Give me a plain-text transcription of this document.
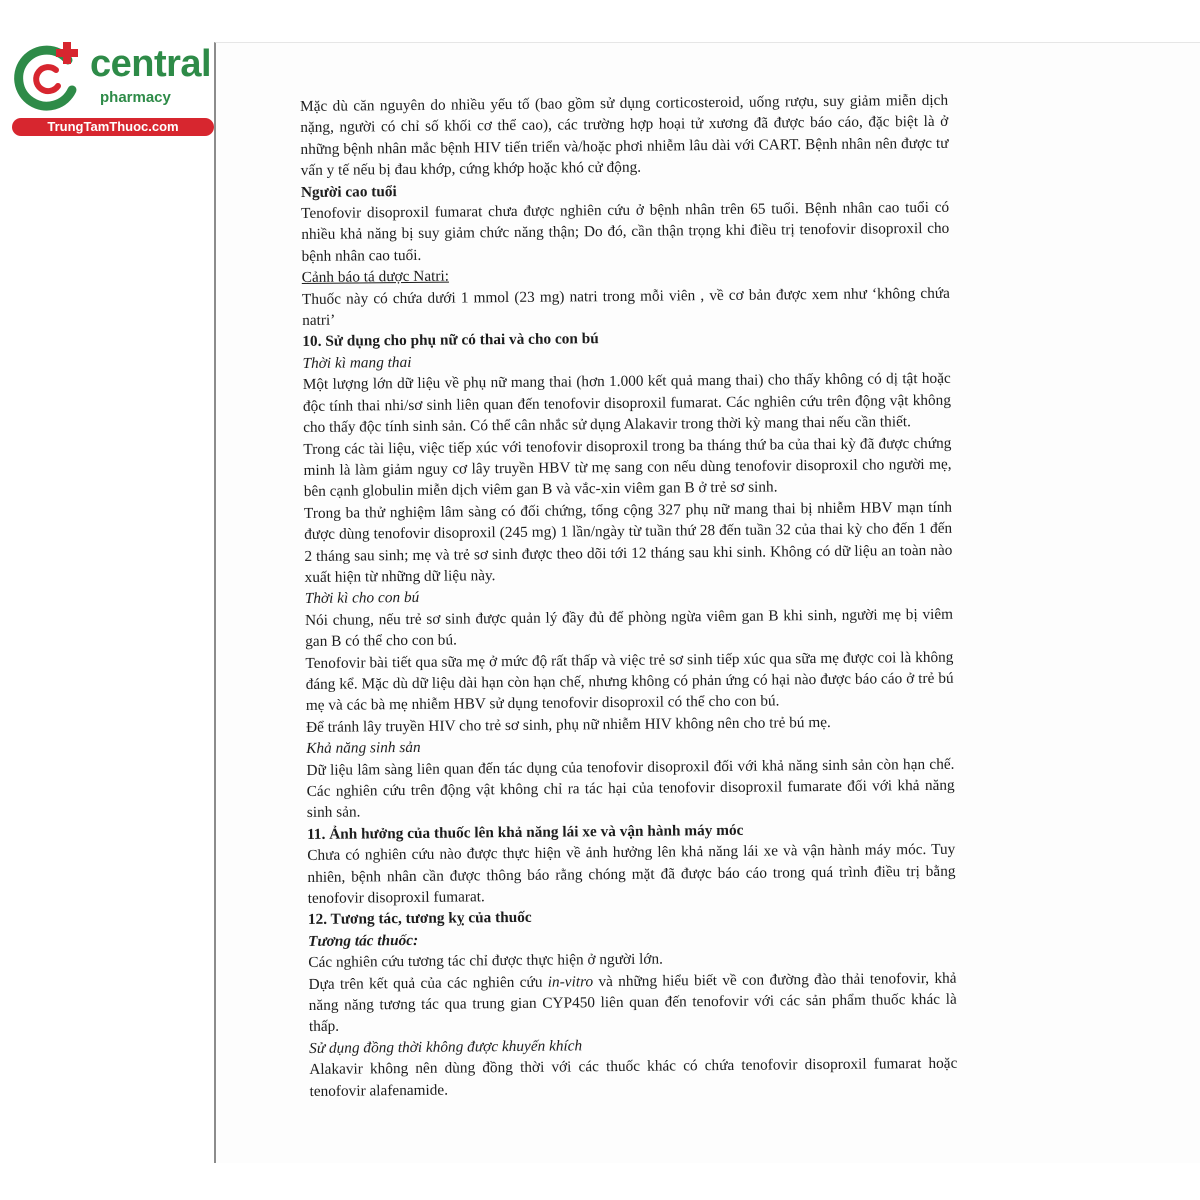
central
pharmacy
TrungTamThuoc.com

Mặc dù căn nguyên do nhiều yếu tố (bao gồm sử dụng corticosteroid, uống rượu, suy giảm miễn dịch nặng, người có chỉ số khối cơ thể cao), các trường hợp hoại tử xương đã được báo cáo, đặc biệt là ở những bệnh nhân mắc bệnh HIV tiến triển và/hoặc phơi nhiễm lâu dài với CART. Bệnh nhân nên được tư vấn y tế nếu bị đau khớp, cứng khớp hoặc khó cử động.

Người cao tuổi

Tenofovir disoproxil fumarat chưa được nghiên cứu ở bệnh nhân trên 65 tuổi. Bệnh nhân cao tuổi có nhiều khả năng bị suy giảm chức năng thận; Do đó, cần thận trọng khi điều trị tenofovir disoproxil cho bệnh nhân cao tuổi.

Cảnh báo tá dược Natri:

Thuốc này có chứa dưới 1 mmol (23 mg) natri trong mỗi viên , về cơ bản được xem như ‘không chứa natri’

10. Sử dụng cho phụ nữ có thai và cho con bú

Thời kì mang thai

Một lượng lớn dữ liệu về phụ nữ mang thai (hơn 1.000 kết quả mang thai) cho thấy không có dị tật hoặc độc tính thai nhi/sơ sinh liên quan đến tenofovir disoproxil fumarat. Các nghiên cứu trên động vật không cho thấy độc tính sinh sản. Có thể cân nhắc sử dụng Alakavir trong thời kỳ mang thai nếu cần thiết.

Trong các tài liệu, việc tiếp xúc với tenofovir disoproxil trong ba tháng thứ ba của thai kỳ đã được chứng minh là làm giảm nguy cơ lây truyền HBV từ mẹ sang con nếu dùng tenofovir disoproxil cho người mẹ, bên cạnh globulin miễn dịch viêm gan B và vắc-xin viêm gan B ở trẻ sơ sinh.

Trong ba thử nghiệm lâm sàng có đối chứng, tổng cộng 327 phụ nữ mang thai bị nhiễm HBV mạn tính được dùng tenofovir disoproxil (245 mg) 1 lần/ngày từ tuần thứ 28 đến tuần 32 của thai kỳ cho đến 1 đến 2 tháng sau sinh; mẹ và trẻ sơ sinh được theo dõi tới 12 tháng sau khi sinh. Không có dữ liệu an toàn nào xuất hiện từ những dữ liệu này.

Thời kì cho con bú

Nói chung, nếu trẻ sơ sinh được quản lý đầy đủ để phòng ngừa viêm gan B khi sinh, người mẹ bị viêm gan B có thể cho con bú.

Tenofovir bài tiết qua sữa mẹ ở mức độ rất thấp và việc trẻ sơ sinh tiếp xúc qua sữa mẹ được coi là không đáng kể. Mặc dù dữ liệu dài hạn còn hạn chế, nhưng không có phản ứng có hại nào được báo cáo ở trẻ bú mẹ và các bà mẹ nhiễm HBV sử dụng tenofovir disoproxil có thể cho con bú.

Để tránh lây truyền HIV cho trẻ sơ sinh, phụ nữ nhiễm HIV không nên cho trẻ bú mẹ.

Khả năng sinh sản

Dữ liệu lâm sàng liên quan đến tác dụng của tenofovir disoproxil đối với khả năng sinh sản còn hạn chế. Các nghiên cứu trên động vật không chỉ ra tác hại của tenofovir disoproxil fumarate đối với khả năng sinh sản.

11. Ảnh hưởng của thuốc lên khả năng lái xe và vận hành máy móc

Chưa có nghiên cứu nào được thực hiện về ảnh hưởng lên khả năng lái xe và vận hành máy móc. Tuy nhiên, bệnh nhân cần được thông báo rằng chóng mặt đã được báo cáo trong quá trình điều trị bằng tenofovir disoproxil fumarat.

12. Tương tác, tương kỵ của thuốc

Tương tác thuốc:

Các nghiên cứu tương tác chỉ được thực hiện ở người lớn.

Dựa trên kết quả của các nghiên cứu in-vitro và những hiểu biết về con đường đào thải tenofovir, khả năng năng tương tác qua trung gian CYP450 liên quan đến tenofovir với các sản phẩm thuốc khác là thấp.

Sử dụng đồng thời không được khuyến khích

Alakavir không nên dùng đồng thời với các thuốc khác có chứa tenofovir disoproxil fumarat hoặc tenofovir alafenamide.
